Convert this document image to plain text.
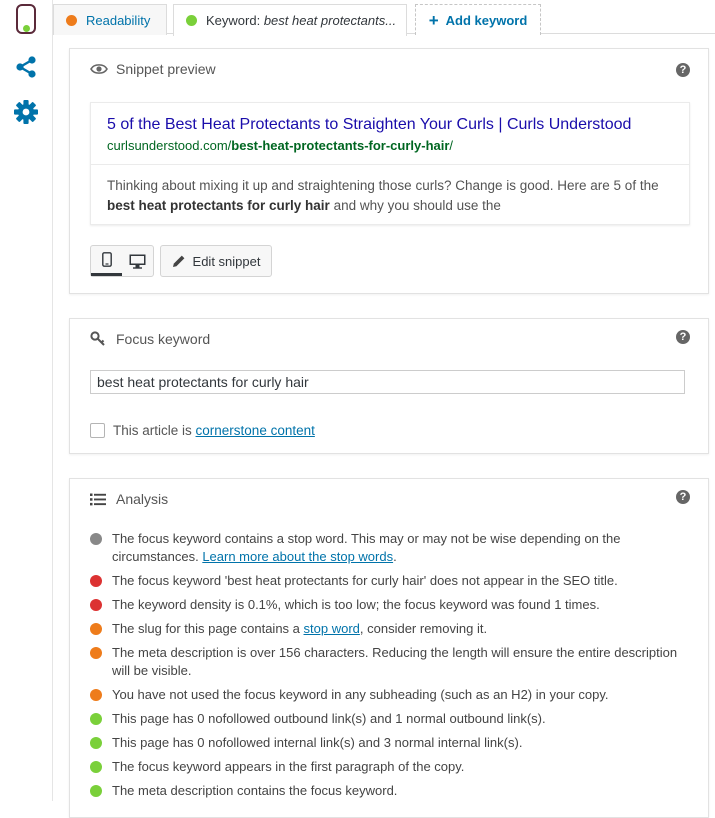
Readability	Keyword: best heat protectants... + Add keyword
Snippet preview	?
5 of the Best Heat Protectants to Straighten Your Curls | Curls Understood
curlsunderstood.com/best-heat-protectants-for-curly-hair/
Thinking about mixing it up and straightening those curls? Change is good. Here are 5 of the best heat protectants for curly hair and why you should use the
Edit snippet
Focus keyword	?
best heat protectants for curly hair
This article is cornerstone content
Analysis	?
The focus keyword contains a stop word. This may or may not be wise depending on the circumstances. Learn more about the stop words.
The focus keyword 'best heat protectants for curly hair' does not appear in the SEO title.
The keyword density is 0.1%, which is too low; the focus keyword was found 1 times.
The slug for this page contains a stop word, consider removing it.
The meta description is over 156 characters. Reducing the length will ensure the entire description will be visible.
You have not used the focus keyword in any subheading (such as an H2) in your copy.
This page has 0 nofollowed outbound link(s) and 1 normal outbound link(s).
This page has 0 nofollowed internal link(s) and 3 normal internal link(s).
The focus keyword appears in the first paragraph of the copy.
The meta description contains the focus keyword.
